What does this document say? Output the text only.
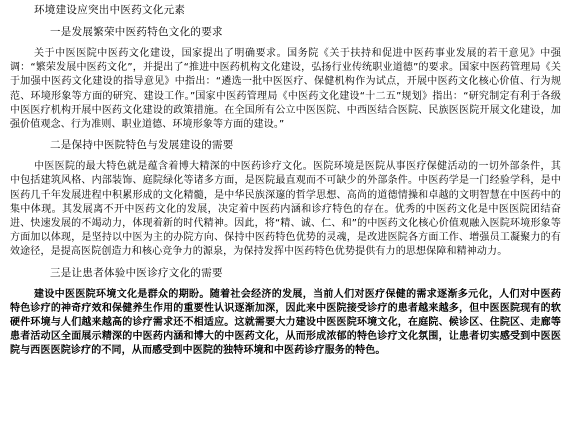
环境建设应突出中医药文化元素
一是发展繁荣中医药特色文化的要求

关于中医医院中医药文化建设，国家提出了明确要求。国务院《关于扶持和促进中医药事业发展的若干意见》中强调：“繁荣发展中医药文化”，并提出了“推进中医药机构文化建设，弘扬行业传统职业道德”的要求。国家中医药管理局《关于加强中医药文化建设的指导意见》中指出：“遴选一批中医医疗、保健机构作为试点，开展中医药文化核心价值、行为规范、环境形象等方面的研究、建设工作。”国家中医药管理局《中医药文化建设“十二五”规划》指出：“研究制定有利于各级中医医疗机构开展中医药文化建设的政策措施。在全国所有公立中医医院、中西医结合医院、民族医医院开展文化建设，加强价值观念、行为准则、职业道德、环境形象等方面的建设。”

二是保持中医院特色与发展建设的需要

中医医院的最大特色就是蕴含着博大精深的中医药诊疗文化。医院环境是医院从事医疗保健活动的一切外部条件，其中包括建筑风格、内部装饰、庭院绿化等诸多方面，是医院最直观而不可缺少的外部条件。中医药学是一门经验学科，是中医药几千年发展进程中积累形成的文化精髓，是中华民族深邃的哲学思想、高尚的道德情操和卓越的文明智慧在中医药中的集中体现。其发展离不开中医药文化的发展，决定着中医药内涵和诊疗特色的存在。优秀的中医药文化是中医医院团结奋进、快速发展的不竭动力，体现着新的时代精神。因此，将“精、诚、仁、和”的中医药文化核心价值观融入医院环境形象等方面加以体现，是坚持以中医为主的办院方向、保持中医药特色优势的灵魂，是改进医院各方面工作、增强员工凝聚力的有效途径，是提高医院创造力和核心竞争力的源泉，为保持发挥中医药特色优势提供有力的思想保障和精神动力。

三是让患者体验中医诊疗文化的需要

建设中医医院环境文化是群众的期盼。随着社会经济的发展，当前人们对医疗保健的需求逐渐多元化，人们对中医药特色诊疗的神奇疗效和保健养生作用的重要性认识逐渐加深，因此来中医院接受诊疗的患者越来越多，但中医医院现有的软硬件环境与人们越来越高的诊疗需求还不相适应。这就需要大力建设中医医院环境文化，在庭院、候诊区、住院区、走廊等患者活动区全面展示精深的中医药内涵和博大的中医药文化，从而形成浓郁的特色诊疗文化氛围，让患者切实感受到中医医院与西医医院诊疗的不同，从而感受到中医院的独特环境和中医药诊疗服务的特色。
